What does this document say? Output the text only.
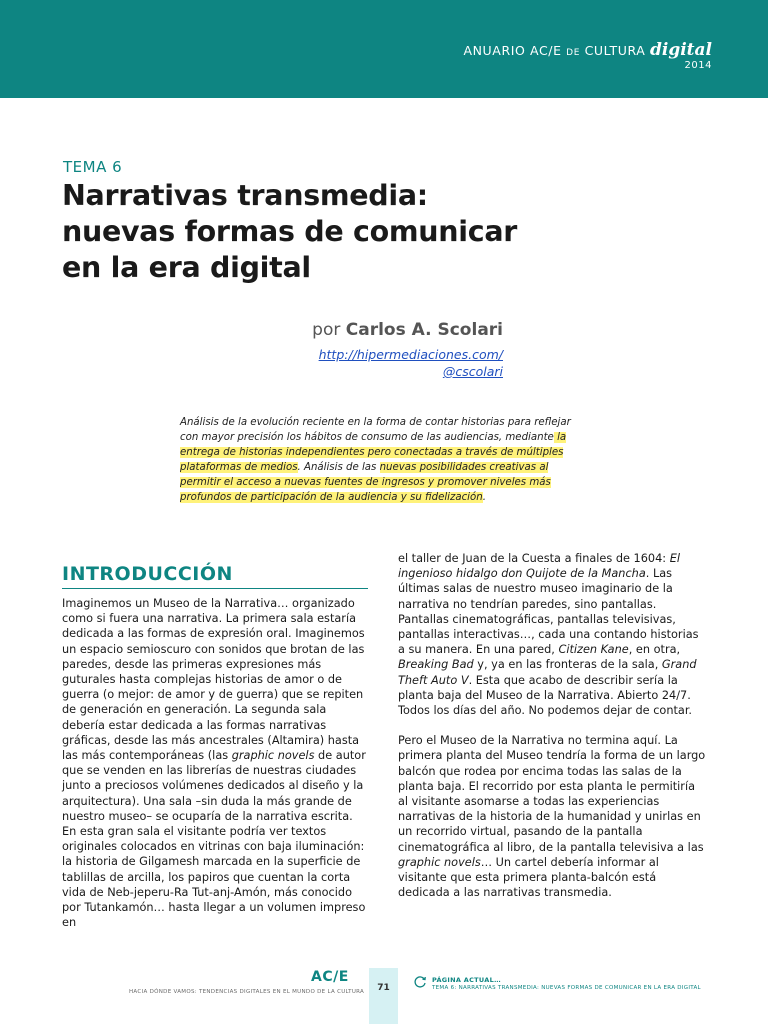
ANUARIO AC/E DE CULTURA digital
2014
TEMA 6
Narrativas transmedia: nuevas formas de comunicar en la era digital
por Carlos A. Scolari
http://hipermediaciones.com/
@cscolari

Análisis de la evolución reciente en la forma de contar historias para reflejar con mayor precisión los hábitos de consumo de las audiencias, mediante la entrega de historias independientes pero conectadas a través de múltiples plataformas de medios. Análisis de las nuevas posibilidades creativas al permitir el acceso a nuevas fuentes de ingresos y promover niveles más profundos de participación de la audiencia y su fidelización.

INTRODUCCIÓN

Imaginemos un Museo de la Narrativa… organizado como si fuera una narrativa. La primera sala estaría dedicada a las formas de expresión oral. Imaginemos un espacio semioscuro con sonidos que brotan de las paredes, desde las primeras expresiones más guturales hasta complejas historias de amor o de guerra (o mejor: de amor y de guerra) que se repiten de generación en generación. La segunda sala debería estar dedicada a las formas narrativas gráficas, desde las más ancestrales (Altamira) hasta las más contemporáneas (las graphic novels de autor que se venden en las librerías de nuestras ciudades junto a preciosos volúmenes dedicados al diseño y la arquitectura). Una sala –sin duda la más grande de nuestro museo– se ocuparía de la narrativa escrita. En esta gran sala el visitante podría ver textos originales colocados en vitrinas con baja iluminación: la historia de Gilgamesh marcada en la superficie de tablillas de arcilla, los papiros que cuentan la corta vida de Neb-jeperu-Ra Tut-anj-Amón, más conocido por Tutankamón… hasta llegar a un volumen impreso en

el taller de Juan de la Cuesta a finales de 1604: El ingenioso hidalgo don Quijote de la Mancha. Las últimas salas de nuestro museo imaginario de la narrativa no tendrían paredes, sino pantallas. Pantallas cinematográficas, pantallas televisivas, pantallas interactivas…, cada una contando historias a su manera. En una pared, Citizen Kane, en otra, Breaking Bad y, ya en las fronteras de la sala, Grand Theft Auto V. Esta que acabo de describir sería la planta baja del Museo de la Narrativa. Abierto 24/7. Todos los días del año. No podemos dejar de contar.

Pero el Museo de la Narrativa no termina aquí. La primera planta del Museo tendría la forma de un largo balcón que rodea por encima todas las salas de la planta baja. El recorrido por esta planta le permitiría al visitante asomarse a todas las experiencias narrativas de la historia de la humanidad y unirlas en un recorrido virtual, pasando de la pantalla cinematográfica al libro, de la pantalla televisiva a las graphic novels… Un cartel debería informar al visitante que esta primera planta-balcón está dedicada a las narrativas transmedia.

AC/E
HACIA DÓNDE VAMOS: TENDENCIAS DIGITALES EN EL MUNDO DE LA CULTURA	71
PÁGINA ACTUAL…
TEMA 6: NARRATIVAS TRANSMEDIA: NUEVAS FORMAS DE COMUNICAR EN LA ERA DIGITAL
